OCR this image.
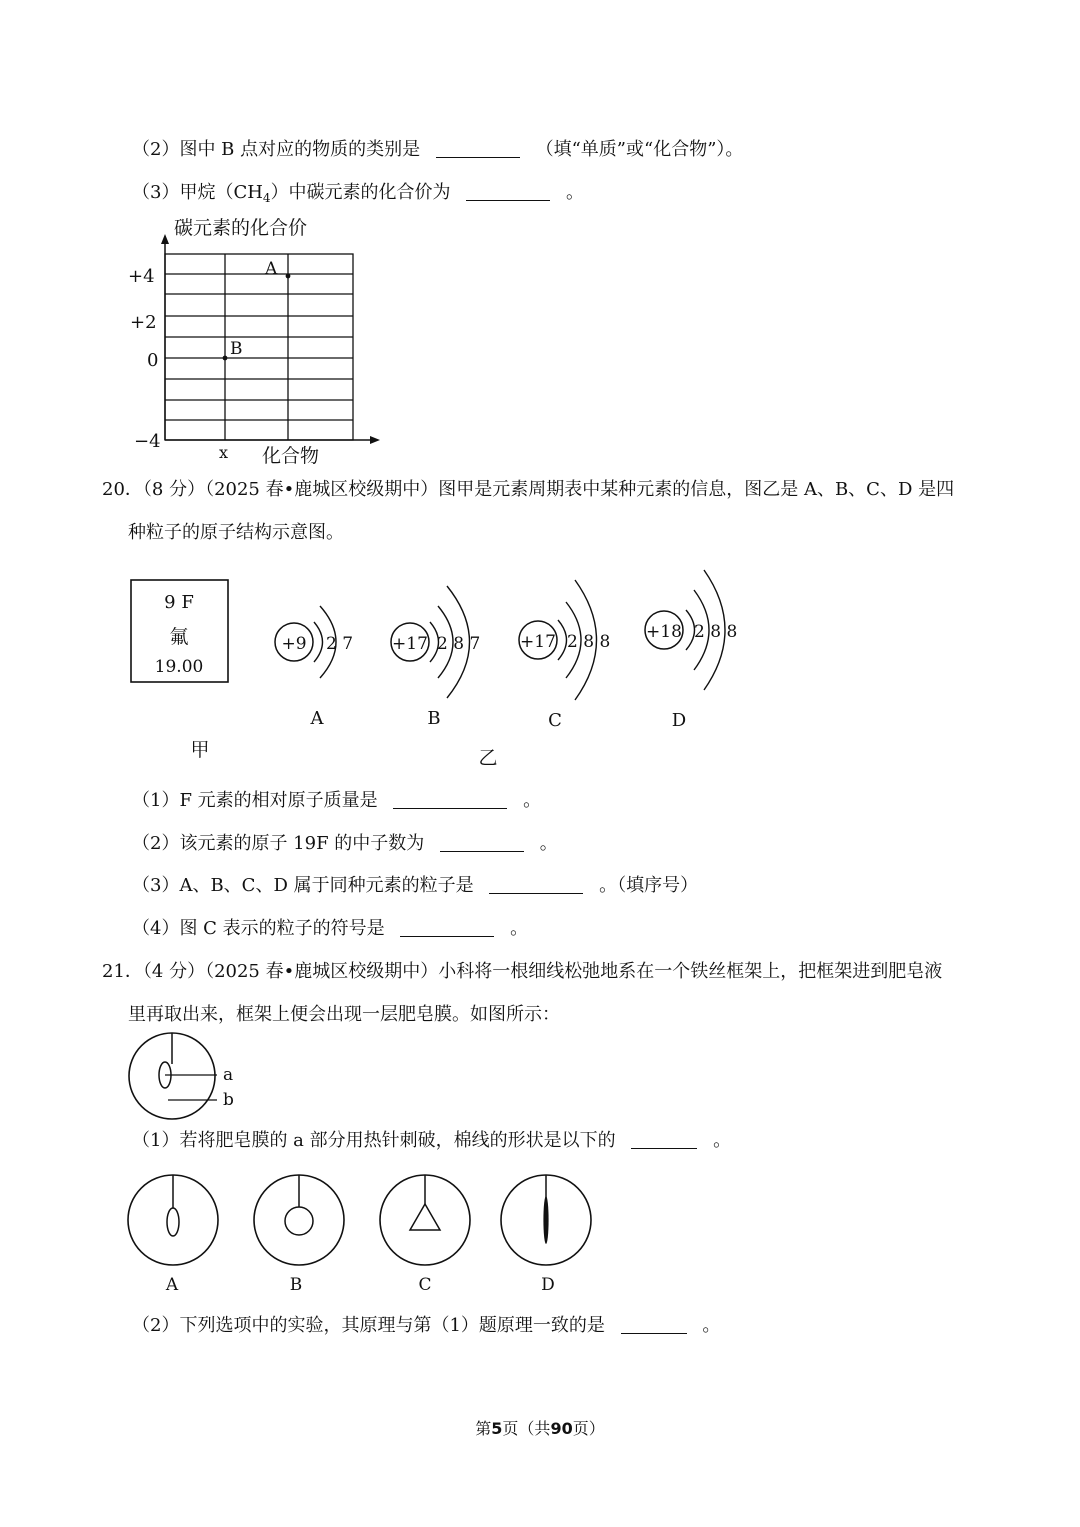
（2）图中 B 点对应的物质的类别是	（填“单质”或“化合物”）。
（3）甲烷$(CH_4)$中碳元素的化合价为	。
碳元素的化合价
化合物
+4
+2
0
−4
x
A
B
20．（8 分）（2025 春•鹿城区校级期中）图甲是元素周期表中某种元素的信息，图乙是 A、B、C、D 是四
种粒子的原子结构示意图。
9 F
氟
19.00
甲	乙
+9 2 7
A
+17 2 8 7
B
+17 2 8 8
C
+18 2 8 8
D
（1）F 元素的相对原子质量是	。
（2）该元素的原子 19F 的中子数为	。
（3）A、B、C、D 属于同种元素的粒子是	。（填序号）
（4）图 C 表示的粒子的符号是	。
21．（4 分）（2025 春•鹿城区校级期中）小科将一根细线松弛地系在一个铁丝框架上，把框架进到肥皂液
里再取出来，框架上便会出现一层肥皂膜。如图所示：
a
b
（1）若将肥皂膜的 a 部分用热针刺破，棉线的形状是以下的	。
A	B	C	D
（2）下列选项中的实验，其原理与第（1）题原理一致的是	。
第5页（共90页）
